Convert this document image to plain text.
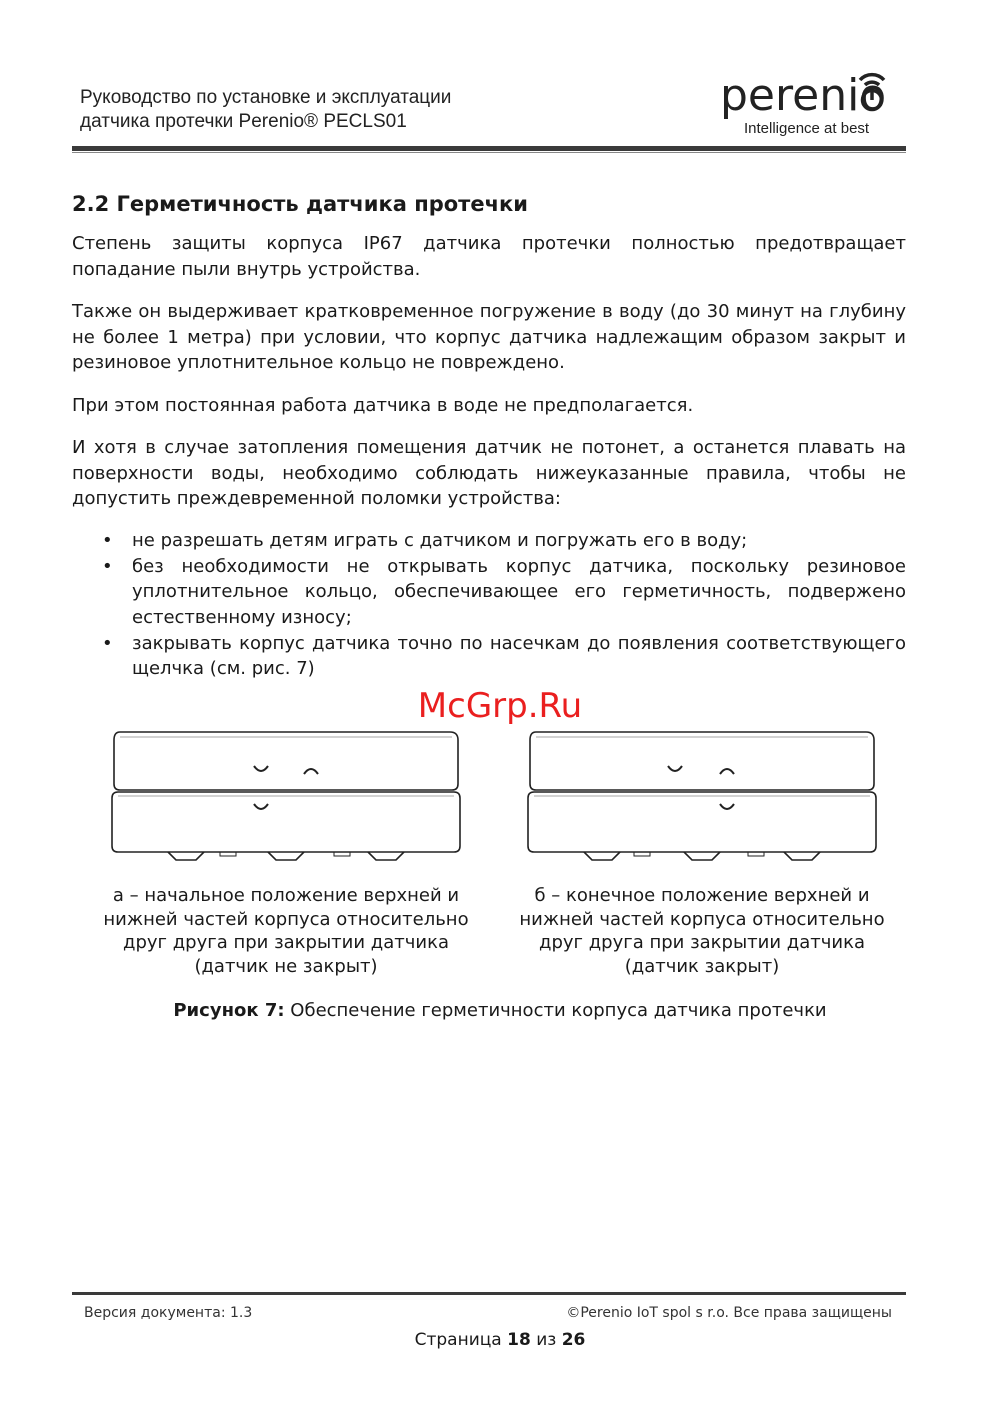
Руководство по установке и эксплуатации
датчика протечки Perenio® PECLS01
perenio
Intelligence at best
2.2 Герметичность датчика протечки

Степень защиты корпуса IP67 датчика протечки полностью предотвращает попадание пыли внутрь устройства.

Также он выдерживает кратковременное погружение в воду (до 30 минут на глубину не более 1 метра) при условии, что корпус датчика надлежащим образом закрыт и резиновое уплотнительное кольцо не повреждено.

При этом постоянная работа датчика в воде не предполагается.

И хотя в случае затопления помещения датчик не потонет, а останется плавать на поверхности воды, необходимо соблюдать нижеуказанные правила, чтобы не допустить преждевременной поломки устройства:

• не разрешать детям играть с датчиком и погружать его в воду;
• без необходимости не открывать корпус датчика, поскольку резиновое уплотнительное кольцо, обеспечивающее его герметичность, подвержено естественному износу;
• закрывать корпус датчика точно по насечкам до появления соответствующего щелчка (см. рис. 7)
McGrp.Ru
а – начальное положение верхней и
нижней частей корпуса относительно
друг друга при закрытии датчика
(датчик не закрыт)
б – конечное положение верхней и
нижней частей корпуса относительно
друг друга при закрытии датчика
(датчик закрыт)
Рисунок 7: Обеспечение герметичности корпуса датчика протечки
Версия документа: 1.3	©Perenio IoT spol s r.o. Все права защищены
Страница 18 из 26
